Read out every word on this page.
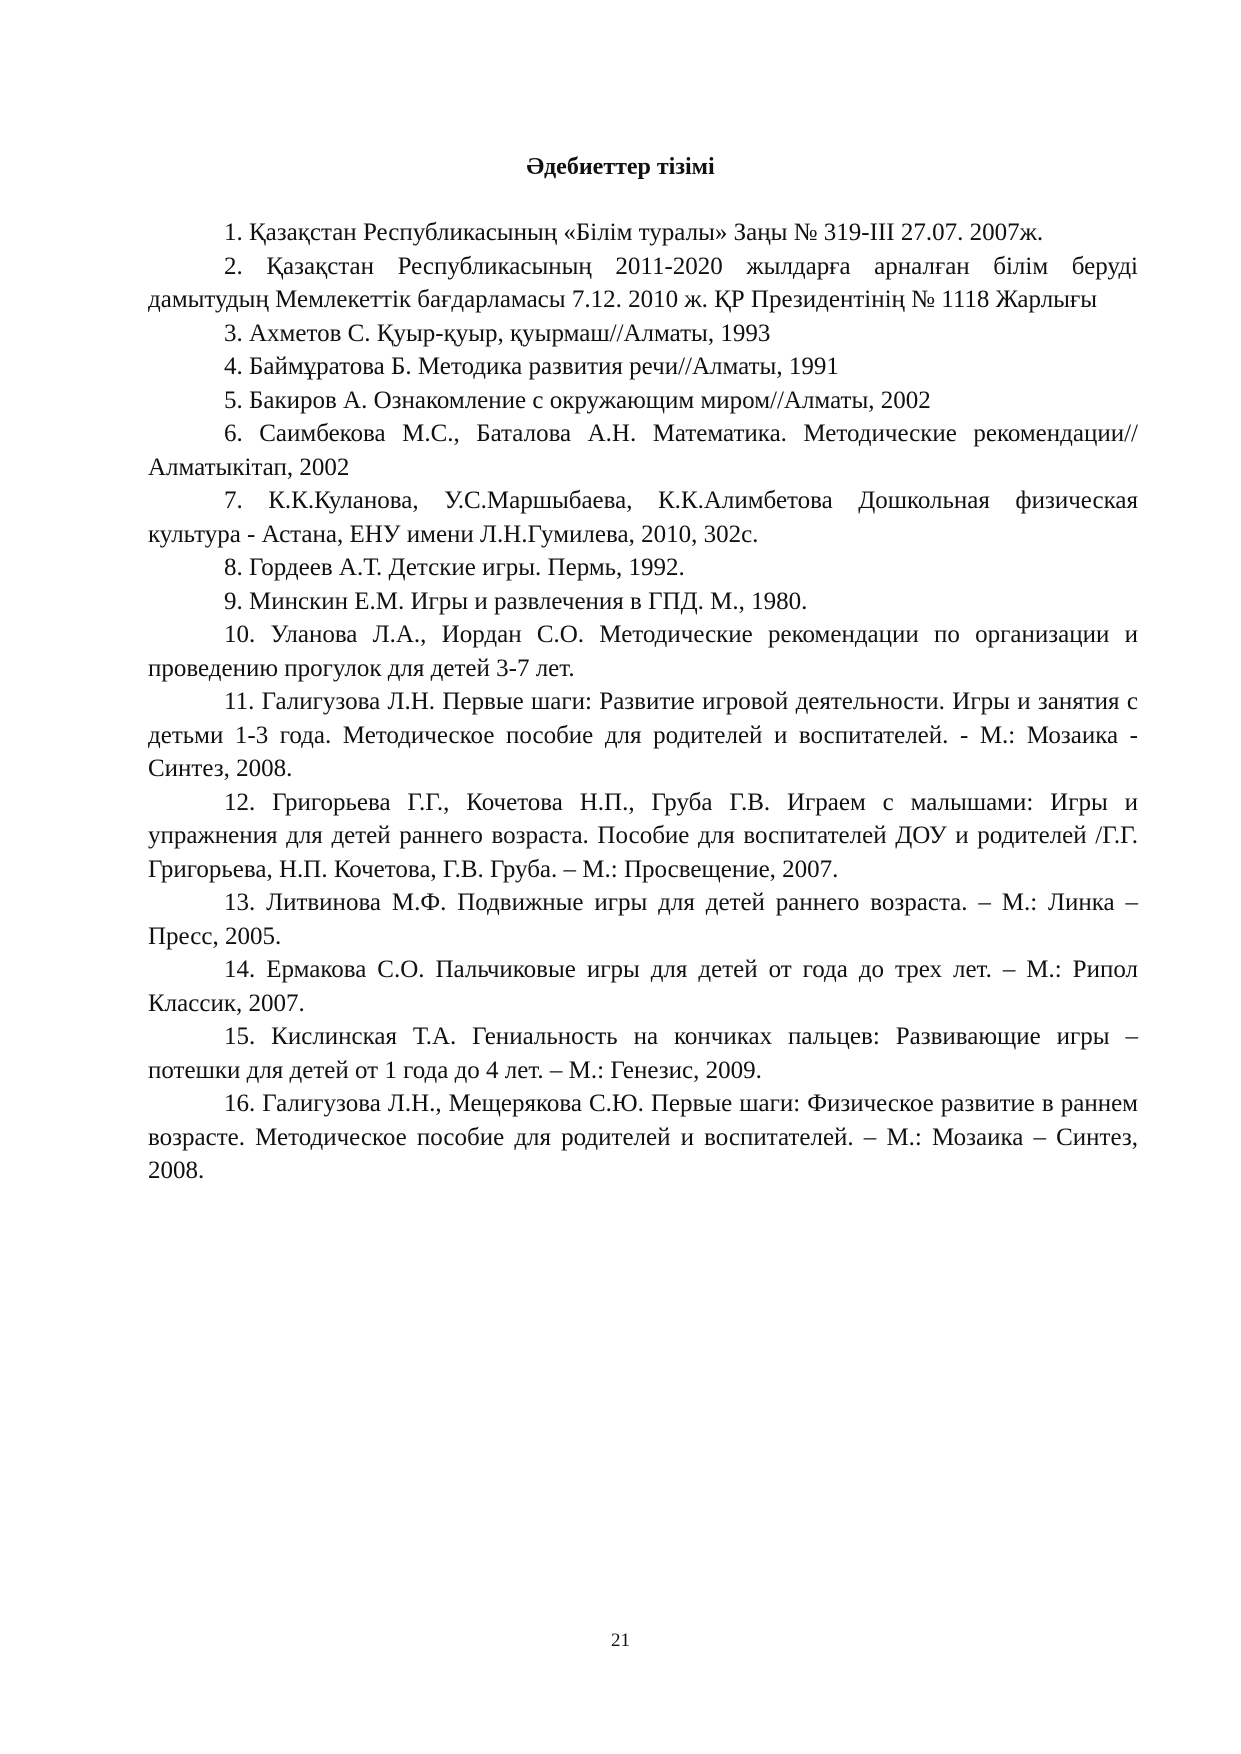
Әдебиеттер тізімі
1. Қазақстан Республикасының «Білім туралы» Заңы № 319-III 27.07. 2007ж.
2. Қазақстан Республикасының 2011-2020 жылдарға арналған білім беруді дамытудың Мемлекеттік бағдарламасы 7.12. 2010 ж. ҚР Президентінің № 1118 Жарлығы
3. Ахметов С. Қуыр-қуыр, қуырмаш//Алматы, 1993
4. Баймұратова Б. Методика развития речи//Алматы, 1991
5. Бакиров А. Ознакомление с окружающим миром//Алматы, 2002
6. Саимбекова М.С., Баталова А.Н. Математика. Методические рекомендации// Алматыкітап, 2002
7. К.К.Куланова, У.С.Маршыбаева, К.К.Алимбетова Дошкольная физическая культура - Астана, ЕНУ имени Л.Н.Гумилева, 2010, 302с.
8. Гордеев А.Т. Детские игры. Пермь, 1992.
9. Минскин Е.М. Игры и развлечения в ГПД. М., 1980.
10. Уланова Л.А., Иордан С.О. Методические рекомендации по организации и проведению прогулок для детей 3-7 лет.
11. Галигузова Л.Н. Первые шаги: Развитие игровой деятельности. Игры и занятия с детьми 1-3 года. Методическое пособие для родителей и воспитателей. - М.: Мозаика - Синтез, 2008.
12. Григорьева Г.Г., Кочетова Н.П., Груба Г.В. Играем с малышами: Игры и упражнения для детей раннего возраста. Пособие для воспитателей ДОУ и родителей /Г.Г. Григорьева, Н.П. Кочетова, Г.В. Груба. – М.: Просвещение, 2007.
13. Литвинова М.Ф. Подвижные игры для детей раннего возраста. – М.: Линка – Пресс, 2005.
14. Ермакова С.О. Пальчиковые игры для детей от года до трех лет. – М.: Рипол Классик, 2007.
15. Кислинская Т.А. Гениальность на кончиках пальцев: Развивающие игры – потешки для детей от 1 года до 4 лет. – М.: Генезис, 2009.
16. Галигузова Л.Н., Мещерякова С.Ю. Первые шаги: Физическое развитие в раннем возрасте. Методическое пособие для родителей и воспитателей. – М.: Мозаика – Синтез, 2008.
21
